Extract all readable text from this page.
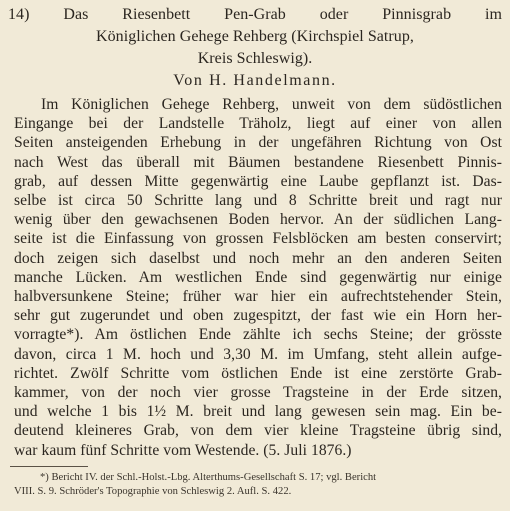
14) Das Riesenbett Pen-Grab oder Pinnisgrab im
Königlichen Gehege Rehberg (Kirchspiel Satrup,
Kreis Schleswig).
Von H. Handelmann.
Im Königlichen Gehege Rehberg, unweit von dem südöstlichen
Eingange bei der Landstelle Träholz, liegt auf einer von allen
Seiten ansteigenden Erhebung in der ungefähren Richtung von Ost
nach West das überall mit Bäumen bestandene Riesenbett Pinnis-
grab, auf dessen Mitte gegenwärtig eine Laube gepflanzt ist. Das-
selbe ist circa 50 Schritte lang und 8 Schritte breit und ragt nur
wenig über den gewachsenen Boden hervor. An der südlichen Lang-
seite ist die Einfassung von grossen Felsblöcken am besten conservirt;
doch zeigen sich daselbst und noch mehr an den anderen Seiten
manche Lücken. Am westlichen Ende sind gegenwärtig nur einige
halbversunkene Steine; früher war hier ein aufrechtstehender Stein,
sehr gut zugerundet und oben zugespitzt, der fast wie ein Horn her-
vorragte*). Am östlichen Ende zählte ich sechs Steine; der grösste
davon, circa 1 M. hoch und 3,30 M. im Umfang, steht allein aufge-
richtet. Zwölf Schritte vom östlichen Ende ist eine zerstörte Grab-
kammer, von der noch vier grosse Tragsteine in der Erde sitzen,
und welche 1 bis 1½ M. breit und lang gewesen sein mag. Ein be-
deutend kleineres Grab, von dem vier kleine Tragsteine übrig sind,
war kaum fünf Schritte vom Westende. (5. Juli 1876.)
*) Bericht IV. der Schl.-Holst.-Lbg. Alterthums-Gesellschaft S. 17; vgl. Bericht
VIII. S. 9. Schröder's Topographie von Schleswig 2. Aufl. S. 422.
